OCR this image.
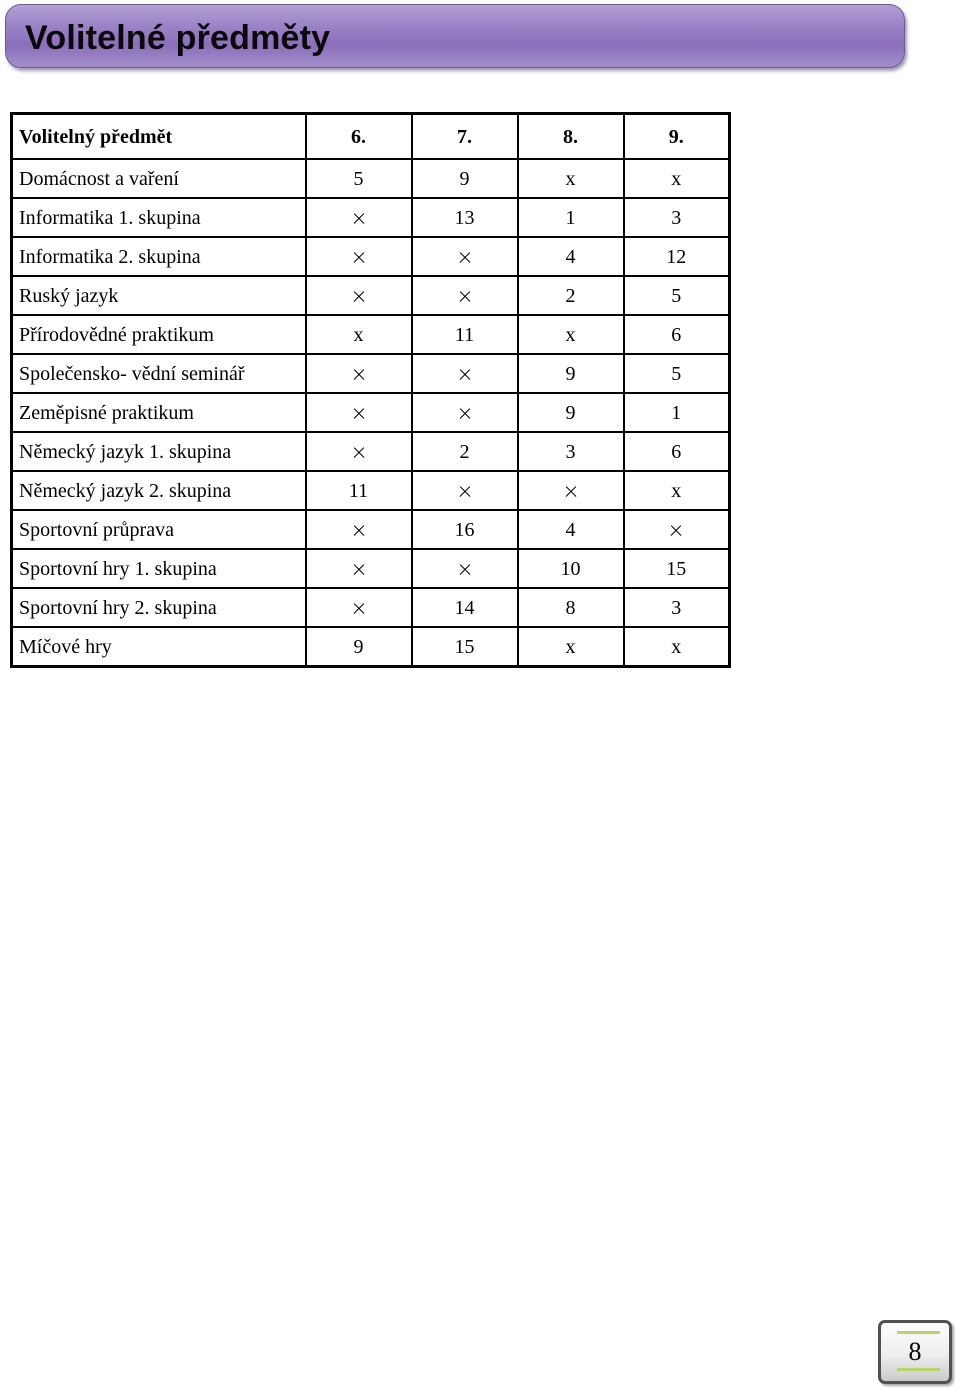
Volitelné předměty
Volitelný předmět	6.	7.	8.	9.
Domácnost a vaření	5	9	x	x
Informatika 1. skupina		13	1	3
Informatika 2. skupina			4	12
Ruský jazyk			2	5
Přírodovědné praktikum	x	11	x	6
Společensko- vědní seminář			9	5
Zeměpisné praktikum			9	1
Německý jazyk 1. skupina		2	3	6
Německý jazyk 2. skupina	11			x
Sportovní průprava		16	4	
Sportovní hry 1. skupina			10	15
Sportovní hry 2. skupina		14	8	3
Míčové hry	9	15	x	x
8
